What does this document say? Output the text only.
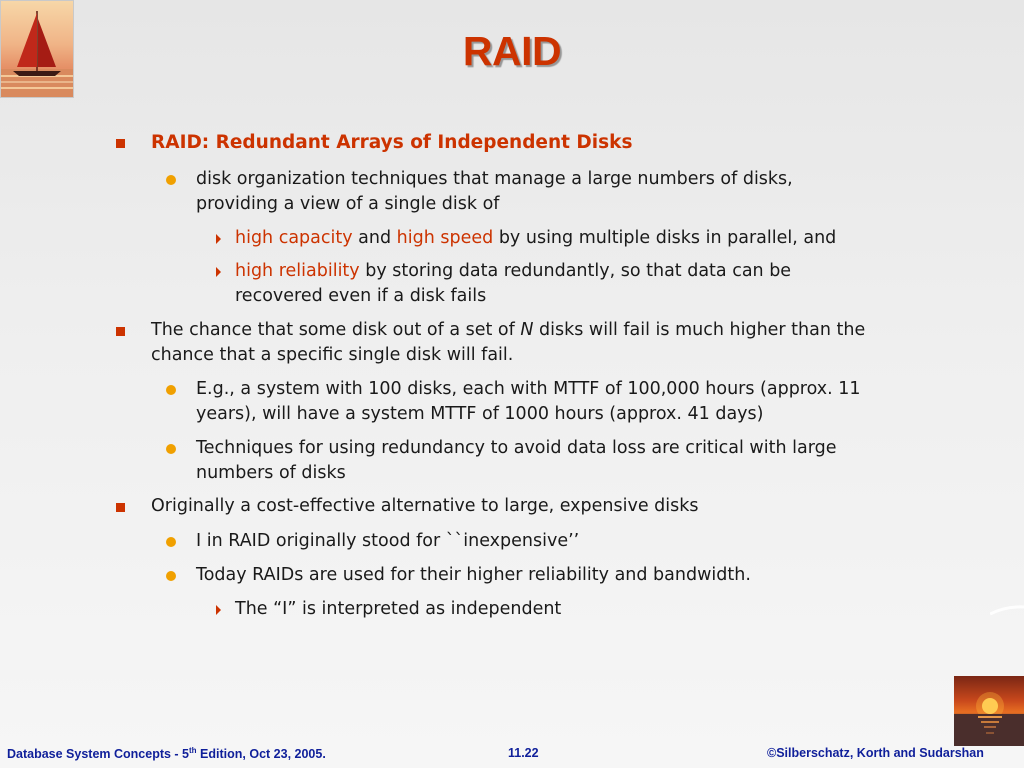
RAID
RAID: Redundant Arrays of Independent Disks
disk organization techniques that manage a large numbers of disks,
providing a view of a single disk of
high capacity and high speed by using multiple disks in parallel, and
high reliability by storing data redundantly, so that data can be
recovered even if a disk fails
The chance that some disk out of a set of N disks will fail is much higher than the
chance that a specific single disk will fail.
E.g., a system with 100 disks, each with MTTF of 100,000 hours (approx. 11
years), will have a system MTTF of 1000 hours (approx. 41 days)
Techniques for using redundancy to avoid data loss are critical with large
numbers of disks
Originally a cost-effective alternative to large, expensive disks
I in RAID originally stood for ``inexpensive’’
Today RAIDs are used for their higher reliability and bandwidth.
The “I” is interpreted as independent
Database System Concepts - 5th Edition, Oct 23, 2005.	11.22	©Silberschatz, Korth and Sudarshan
